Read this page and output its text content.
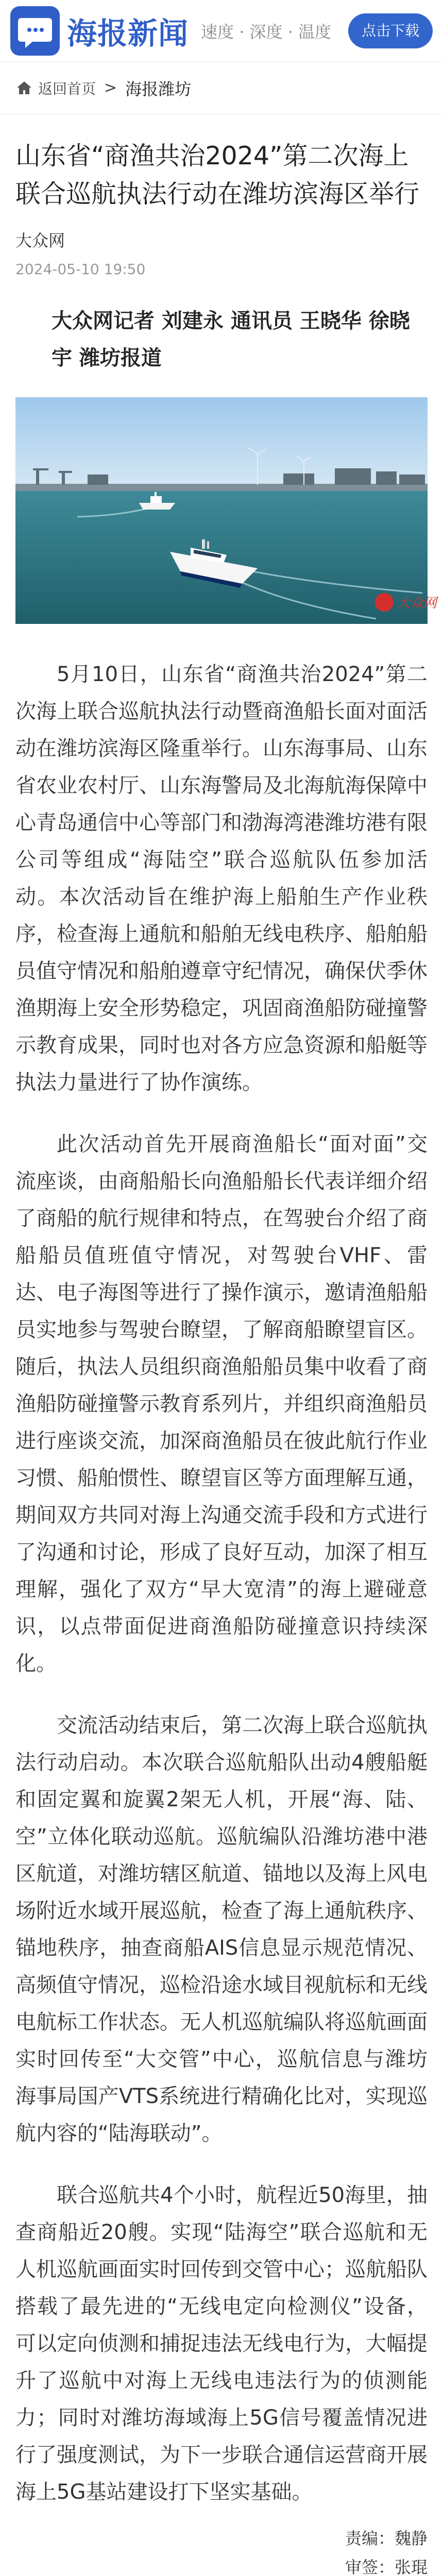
海报新闻 速度 · 深度 · 温度	点击下载
返回首页 > 海报潍坊
山东省“商渔共治2024”第二次海上联合巡航执法行动在潍坊滨海区举行
大众网
2024-05-10 19:50
大众网记者 刘建永 通讯员 王晓华 徐晓宇 潍坊报道
大众网

5月10日，山东省“商渔共治2024”第二次海上联合巡航执法行动暨商渔船长面对面活动在潍坊滨海区隆重举行。山东海事局、山东省农业农村厅、山东海警局及北海航海保障中心青岛通信中心等部门和渤海湾港潍坊港有限公司等组成“海陆空”联合巡航队伍参加活动。本次活动旨在维护海上船舶生产作业秩序，检查海上通航和船舶无线电秩序、船舶船员值守情况和船舶遵章守纪情况，确保伏季休渔期海上安全形势稳定，巩固商渔船防碰撞警示教育成果，同时也对各方应急资源和船艇等执法力量进行了协作演练。

此次活动首先开展商渔船长“面对面”交流座谈，由商船船长向渔船船长代表详细介绍了商船的航行规律和特点，在驾驶台介绍了商船船员值班值守情况，对驾驶台VHF、雷达、电子海图等进行了操作演示，邀请渔船船员实地参与驾驶台瞭望，了解商船瞭望盲区。随后，执法人员组织商渔船船员集中收看了商渔船防碰撞警示教育系列片，并组织商渔船员进行座谈交流，加深商渔船员在彼此航行作业习惯、船舶惯性、瞭望盲区等方面理解互通，期间双方共同对海上沟通交流手段和方式进行了沟通和讨论，形成了良好互动，加深了相互理解，强化了双方“早大宽清”的海上避碰意识，以点带面促进商渔船防碰撞意识持续深化。

交流活动结束后，第二次海上联合巡航执法行动启动。本次联合巡航船队出动4艘船艇和固定翼和旋翼2架无人机，开展“海、陆、空”立体化联动巡航。巡航编队沿潍坊港中港区航道，对潍坊辖区航道、锚地以及海上风电场附近水域开展巡航，检查了海上通航秩序、锚地秩序，抽查商船AIS信息显示规范情况、高频值守情况，巡检沿途水域目视航标和无线电航标工作状态。无人机巡航编队将巡航画面实时回传至“大交管”中心，巡航信息与潍坊海事局国产VTS系统进行精确化比对，实现巡航内容的“陆海联动”。

联合巡航共4个小时，航程近50海里，抽查商船近20艘。实现“陆海空”联合巡航和无人机巡航画面实时回传到交管中心；巡航船队搭载了最先进的“无线电定向检测仪”设备，可以定向侦测和捕捉违法无线电行为，大幅提升了巡航中对海上无线电违法行为的侦测能力；同时对潍坊海域海上5G信号覆盖情况进行了强度测试，为下一步联合通信运营商开展海上5G基站建设打下坚实基础。

责编：魏静
审签：张琨
